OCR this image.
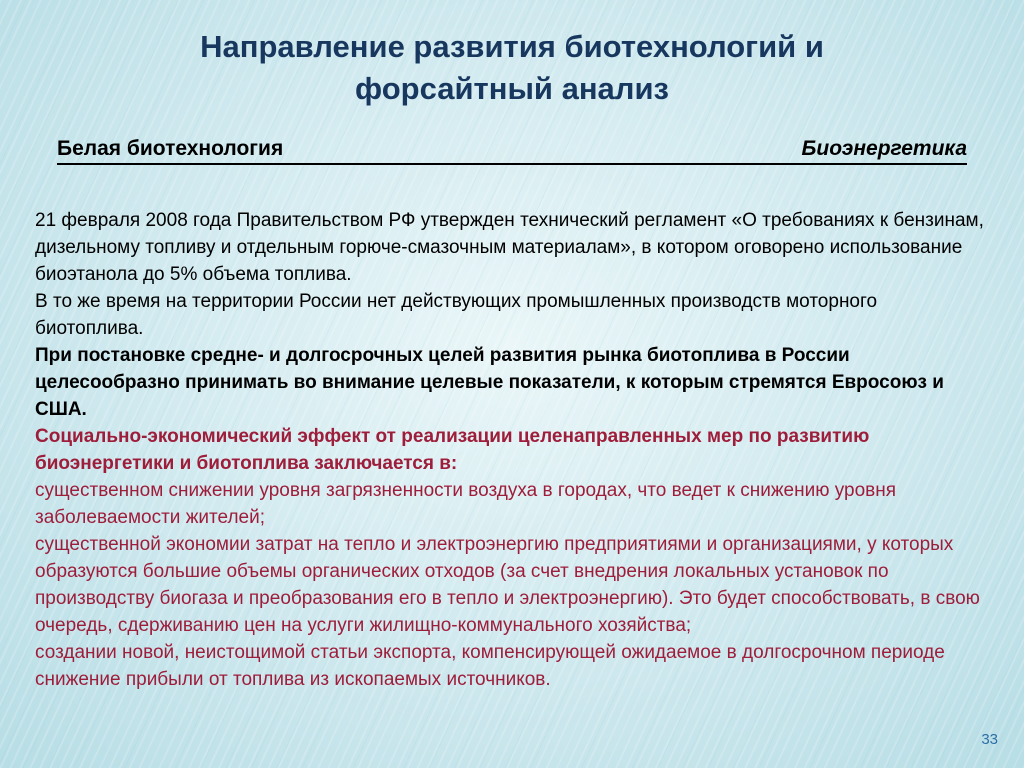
Направление развития биотехнологий и
форсайтный анализ
Белая биотехнология	Биоэнергетика

21 февраля 2008 года Правительством РФ утвержден технический регламент «О требованиях к бензинам, дизельному топливу и отдельным горюче-смазочным материалам», в котором оговорено использование биоэтанола до 5% объема топлива.

В то же время на территории России нет действующих промышленных производств моторного биотоплива.

При постановке средне- и долгосрочных целей развития рынка биотоплива в России целесообразно принимать во внимание целевые показатели, к которым стремятся Евросоюз и США.

Социально-экономический эффект от реализации целенаправленных мер по развитию биоэнергетики и биотоплива заключается в:

существенном снижении уровня загрязненности воздуха в городах, что ведет к снижению уровня заболеваемости жителей;

существенной экономии затрат на тепло и электроэнергию предприятиями и организациями, у которых образуются большие объемы органических отходов (за счет внедрения локальных установок по производству биогаза и преобразования его в тепло и электроэнергию). Это будет способствовать, в свою очередь, сдерживанию цен на услуги жилищно-коммунального хозяйства;

создании новой, неистощимой статьи экспорта, компенсирующей ожидаемое в долгосрочном периоде снижение прибыли от топлива из ископаемых источников.

33
